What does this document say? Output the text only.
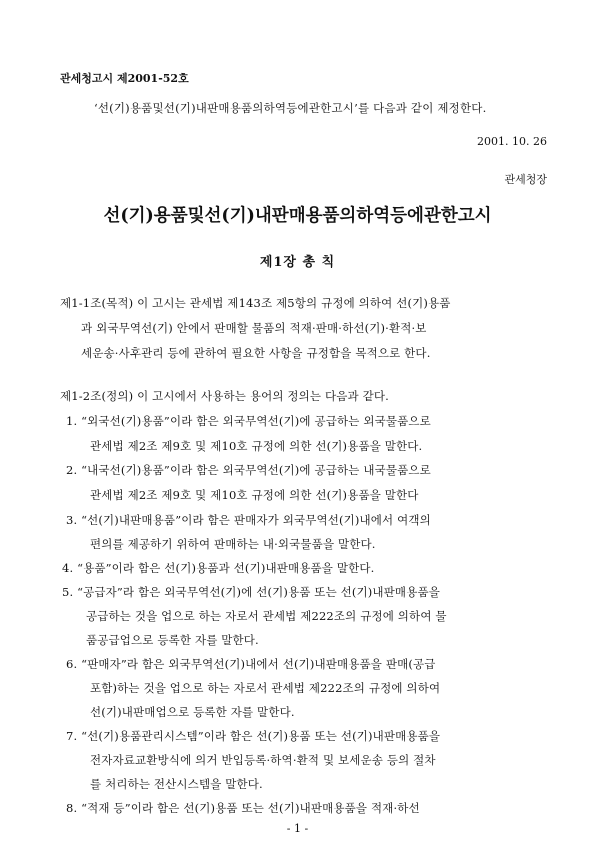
관세청고시 제2001-52호
‘선(기)용품및선(기)내판매용품의하역등에관한고시’를 다음과 같이 제정한다.
2001. 10. 26
관세청장
선(기)용품및선(기)내판매용품의하역등에관한고시
제1장 총 칙
제1-1조(목적) 이 고시는 관세법 제143조 제5항의 규정에 의하여 선(기)용품
과 외국무역선(기) 안에서 판매할 물품의 적재·판매·하선(기)·환적·보
세운송·사후관리 등에 관하여 필요한 사항을 규정함을 목적으로 한다.
제1-2조(정의) 이 고시에서 사용하는 용어의 정의는 다음과 같다.
1. “외국선(기)용품”이라 함은 외국무역선(기)에 공급하는 외국물품으로
관세법 제2조 제9호 및 제10호 규정에 의한 선(기)용품을 말한다.
2. “내국선(기)용품”이라 함은 외국무역선(기)에 공급하는 내국물품으로
관세법 제2조 제9호 및 제10호 규정에 의한 선(기)용품을 말한다
3. “선(기)내판매용품”이라 함은 판매자가 외국무역선(기)내에서 여객의
편의를 제공하기 위하여 판매하는 내·외국물품을 말한다.
4. “용품”이라 함은 선(기)용품과 선(기)내판매용품을 말한다.
5. “공급자”라 함은 외국무역선(기)에 선(기)용품 또는 선(기)내판매용품을
공급하는 것을 업으로 하는 자로서 관세법 제222조의 규정에 의하여 물
품공급업으로 등록한 자를 말한다.
6. “판매자”라 함은 외국무역선(기)내에서 선(기)내판매용품을 판매(공급
포함)하는 것을 업으로 하는 자로서 관세법 제222조의 규정에 의하여
선(기)내판매업으로 등록한 자를 말한다.
7. “선(기)용품관리시스템”이라 함은 선(기)용품 또는 선(기)내판매용품을
전자자료교환방식에 의거 반입등록·하역·환적 및 보세운송 등의 절차
를 처리하는 전산시스템을 말한다.
8. “적재 등”이라 함은 선(기)용품 또는 선(기)내판매용품을 적재·하선
- 1 -
